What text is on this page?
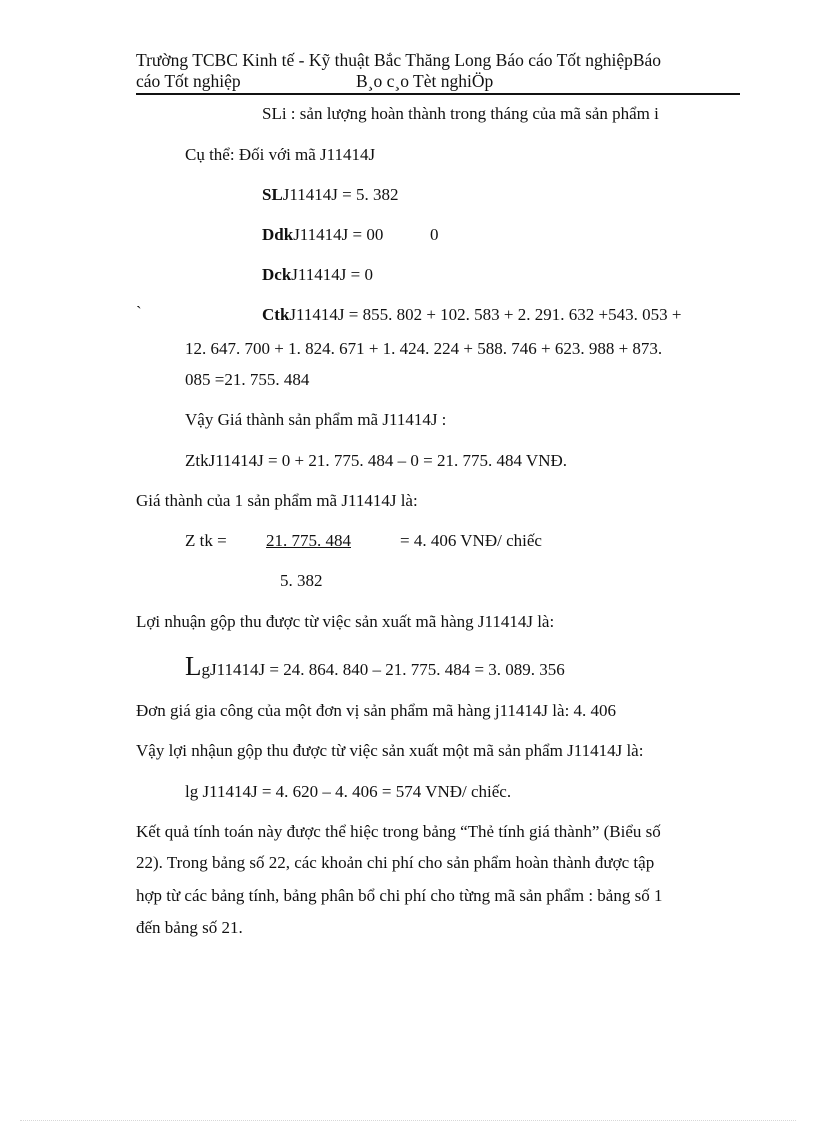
Trường TCBC Kinh tế - Kỹ thuật Bắc Thăng Long Báo cáo Tốt nghiệpBáo
cáo Tốt nghiệp	B¸o c¸o Tèt nghiÖp
SLi : sản lượng hoàn thành trong tháng của mã sản phẩm i
Cụ thể: Đối với mã J11414J
SLJ11414J = 5. 382
DdkJ11414J = 00	0
DckJ11414J = 0
`	CtkJ11414J = 855. 802 + 102. 583 + 2. 291. 632 +543. 053 +
12. 647. 700 + 1. 824. 671 + 1. 424. 224 + 588. 746 + 623. 988 + 873.
085 =21. 755. 484
Vậy Giá thành sản phẩm mã J11414J :
ZtkJ11414J = 0 + 21. 775. 484 – 0 = 21. 775. 484 VNĐ.
Giá thành của 1 sản phẩm mã J11414J là:
Z tk = 21. 775. 484	= 4. 406 VNĐ/ chiếc
5. 382
Lợi nhuận gộp thu được từ việc sản xuất mã hàng J11414J là:
LgJ11414J = 24. 864. 840 – 21. 775. 484 = 3. 089. 356
Đơn giá gia công của một đơn vị sản phẩm mã hàng j11414J là: 4. 406
Vậy lợi nhậun gộp thu được từ việc sản xuất một mã sản phẩm J11414J là:
lg J11414J = 4. 620 – 4. 406 = 574 VNĐ/ chiếc.
Kết quả tính toán này được thể hiệc trong bảng “Thẻ tính giá thành” (Biểu số
22). Trong bảng số 22, các khoản chi phí cho sản phẩm hoàn thành được tập
hợp từ các bảng tính, bảng phân bổ chi phí cho từng mã sản phẩm : bảng số 1
đến bảng số 21.
